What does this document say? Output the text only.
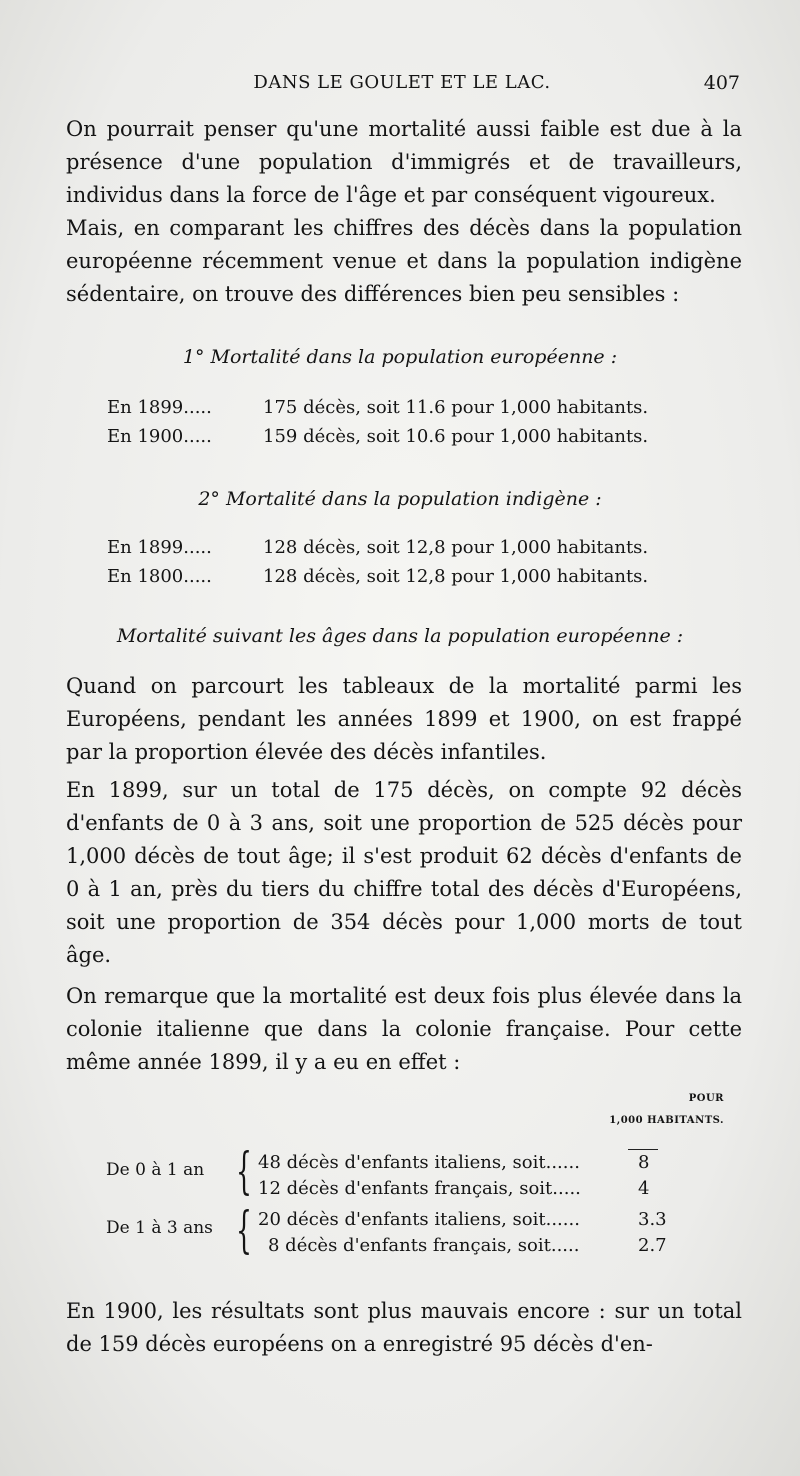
DANS LE GOULET ET LE LAC.	407

On pourrait penser qu'une mortalité aussi faible est due à la présence d'une population d'immigrés et de travailleurs, individus dans la force de l'âge et par conséquent vigoureux.

Mais, en comparant les chiffres des décès dans la population européenne récemment venue et dans la population indigène sédentaire, on trouve des différences bien peu sensibles :

1° Mortalité dans la population européenne :
En 1899.....	175 décès, soit 11.6 pour 1,000 habitants.
En 1900.....	159 décès, soit 10.6 pour 1,000 habitants.
2° Mortalité dans la population indigène :
En 1899.....	128 décès, soit 12,8 pour 1,000 habitants.
En 1800.....	128 décès, soit 12,8 pour 1,000 habitants.
Mortalité suivant les âges dans la population européenne :

Quand on parcourt les tableaux de la mortalité parmi les Européens, pendant les années 1899 et 1900, on est frappé par la proportion élevée des décès infantiles.

En 1899, sur un total de 175 décès, on compte 92 décès d'enfants de 0 à 3 ans, soit une proportion de 525 décès pour 1,000 décès de tout âge; il s'est produit 62 décès d'enfants de 0 à 1 an, près du tiers du chiffre total des décès d'Européens, soit une proportion de 354 décès pour 1,000 morts de tout âge.

On remarque que la mortalité est deux fois plus élevée dans la colonie italienne que dans la colonie française. Pour cette même année 1899, il y a eu en effet :

POUR
1,000 HABITANTS.
De 0 à 1 an { 48 décès d'enfants italiens, soit......	8
12 décès d'enfants français, soit.....	4
De 1 à 3 ans { 20 décès d'enfants italiens, soit......	3.3
8 décès d'enfants français, soit.....	2.7

En 1900, les résultats sont plus mauvais encore : sur un total de 159 décès européens on a enregistré 95 décès d'en-
